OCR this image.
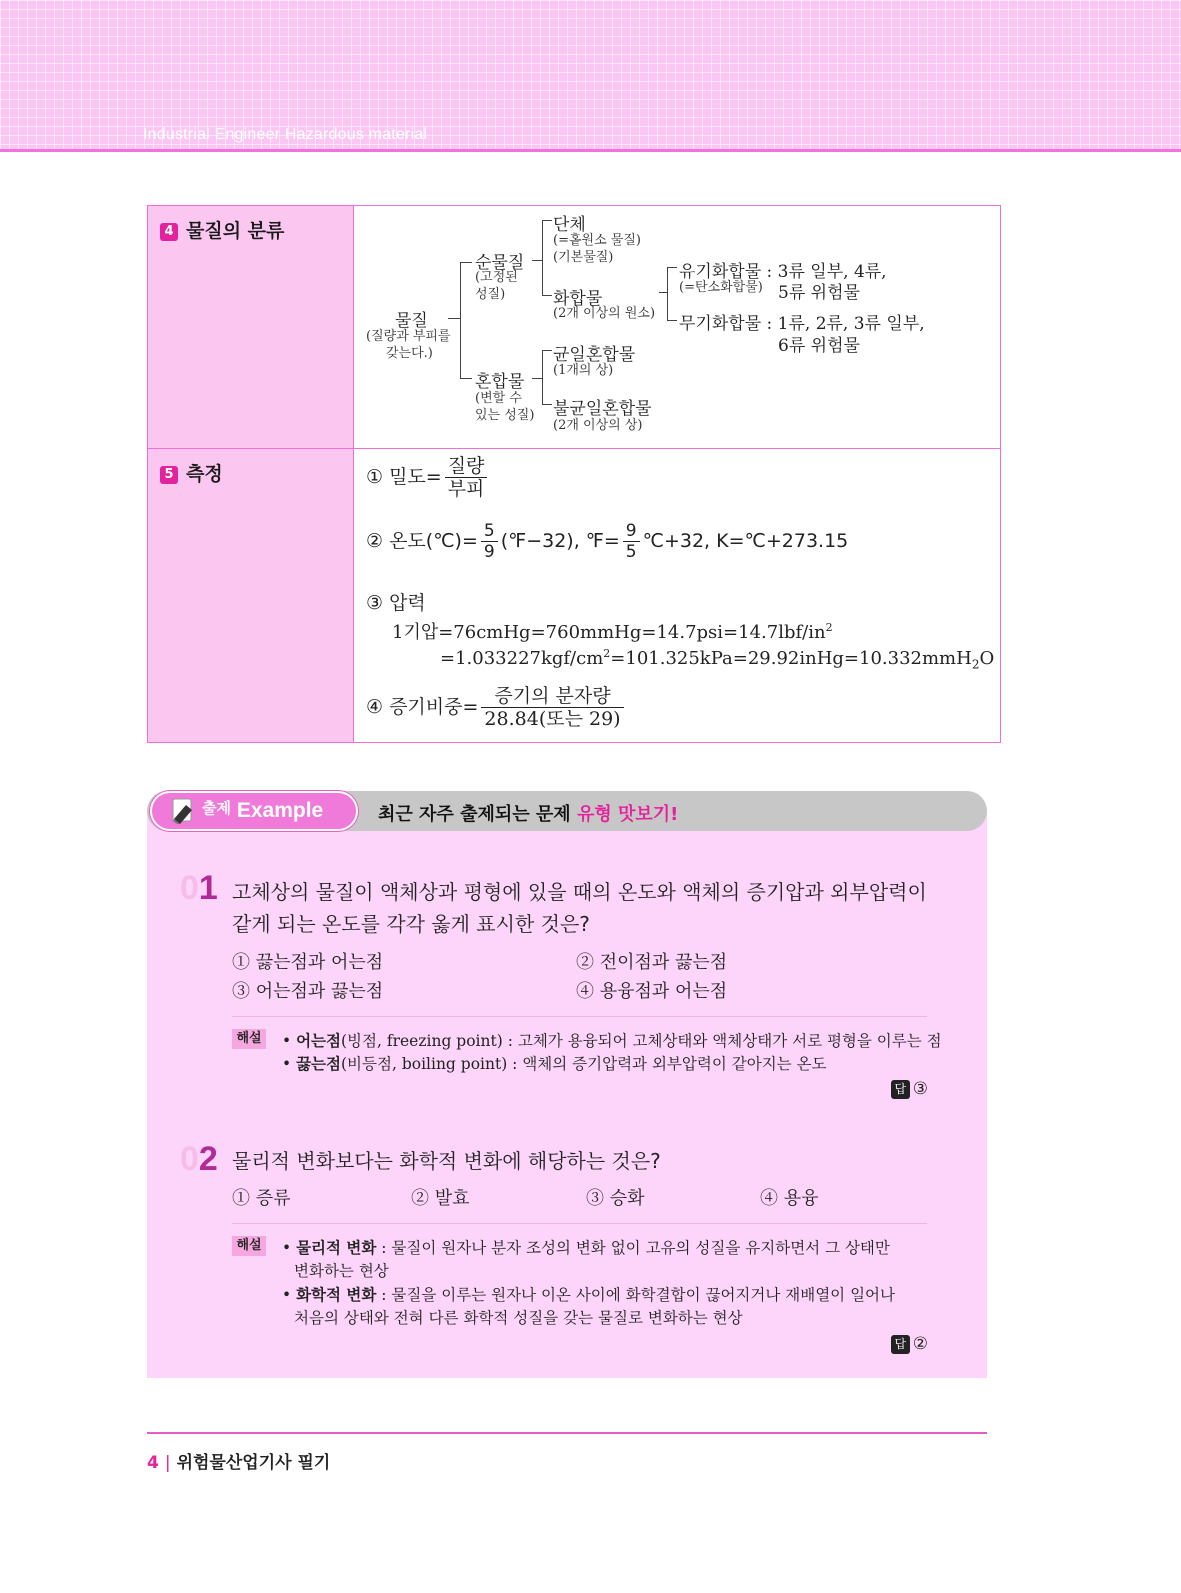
Industrial Engineer Hazardous material
4 물질의 분류
물질
(질량과 부피를
갖는다.)
순물질
(고정된
성질)
단체
(=홑원소 물질)
(기본물질)
화합물
(2개 이상의 원소)
유기화합물 : 3류 일부, 4류,
(=탄소화합물) 5류 위험물
무기화합물 : 1류, 2류, 3류 일부,
6류 위험물
혼합물
(변할 수
있는 성질)
균일혼합물
(1개의 상)
불균일혼합물
(2개 이상의 상)
5 측정	① 밀도= $\frac{\text{질량}}{\text{부피}}$
② 온도(℃)= $\frac{5}{9}$ (℉−32), ℉= $\frac{9}{5}$ ℃+32, K=℃+273.15
③ 압력
1기압$=76cmHg=760mmHg=14.7psi=14.7lbf/in^2$
$=1.033227kgf/cm^2=101.325kPa=29.92inHg=10.332mmH_2O$
④ 증기비중= $\frac{\text{증기의 분자량}}{\text{28.84(또는 29)}}$
출제 Example	최근 자주 출제되는 문제 유형 맛보기!
01 고체상의 물질이 액체상과 평형에 있을 때의 온도와 액체의 증기압과 외부압력이 같게 되는 온도를 각각 옳게 표시한 것은?
① 끓는점과 어는점	② 전이점과 끓는점
③ 어는점과 끓는점	④ 용융점과 어는점
해설 • 어는점(빙점, freezing point) : 고체가 용융되어 고체상태와 액체상태가 서로 평형을 이루는 점
• 끓는점(비등점, boiling point) : 액체의 증기압력과 외부압력이 같아지는 온도
답 ③
02 물리적 변화보다는 화학적 변화에 해당하는 것은?
① 증류	② 발효	③ 승화	④ 용융
해설 • 물리적 변화 : 물질이 원자나 분자 조성의 변화 없이 고유의 성질을 유지하면서 그 상태만
변화하는 현상
• 화학적 변화 : 물질을 이루는 원자나 이온 사이에 화학결합이 끊어지거나 재배열이 일어나
처음의 상태와 전혀 다른 화학적 성질을 갖는 물질로 변화하는 현상
답 ②
4 | 위험물산업기사 필기
